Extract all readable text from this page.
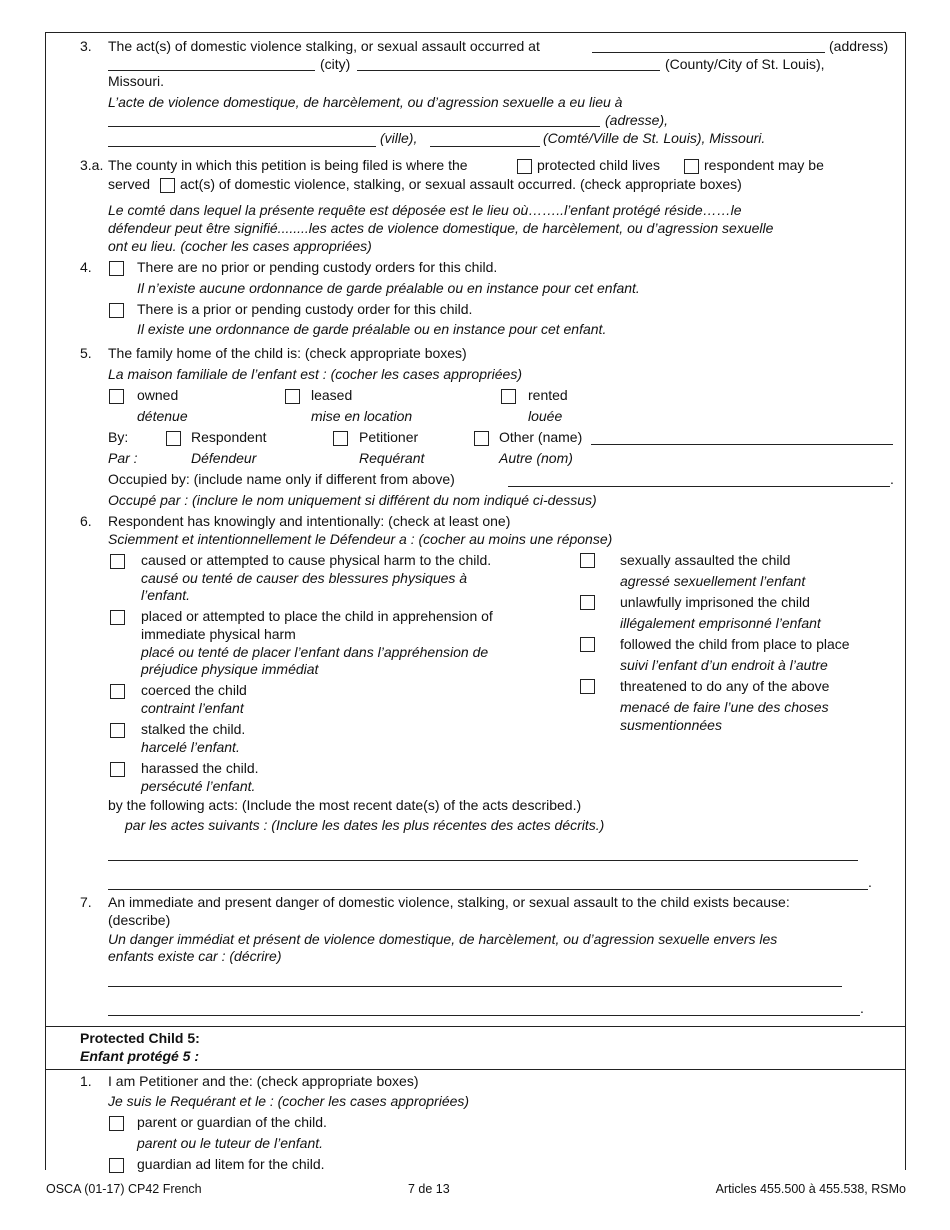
3. The act(s) of domestic violence stalking, or sexual assault occurred at	(address)
(city)	(County/City of St. Louis),
Missouri.
L’acte de violence domestique, de harcèlement, ou d’agression sexuelle a eu lieu à
(adresse),
(ville),	(Comté/Ville de St. Louis), Missouri.
3.a. The county in which this petition is being filed is where the	protected child lives	respondent may be
served act(s) of domestic violence, stalking, or sexual assault occurred. (check appropriate boxes)
Le comté dans lequel la présente requête est déposée est le lieu où……..l’enfant protégé réside……le
défendeur peut être signifié........les actes de violence domestique, de harcèlement, ou d’agression sexuelle
ont eu lieu. (cocher les cases appropriées)
4.	There are no prior or pending custody orders for this child.
Il n’existe aucune ordonnance de garde préalable ou en instance pour cet enfant.
There is a prior or pending custody order for this child.
Il existe une ordonnance de garde préalable ou en instance pour cet enfant.
5. The family home of the child is: (check appropriate boxes)
La maison familiale de l’enfant est : (cocher les cases appropriées)
owned	leased	rented
détenue	mise en location	louée
By:	Respondent	Petitioner	Other (name)
Par :	Défendeur	Requérant	Autre (nom)
Occupied by: (include name only if different from above)	.
Occupé par : (inclure le nom uniquement si différent du nom indiqué ci-dessus)
6. Respondent has knowingly and intentionally: (check at least one)
Sciemment et intentionnellement le Défendeur a : (cocher au moins une réponse)
caused or attempted to cause physical harm to the child.
causé ou tenté de causer des blessures physiques à
l’enfant.
placed or attempted to place the child in apprehension of
immediate physical harm
placé ou tenté de placer l’enfant dans l’appréhension de
préjudice physique immédiat
coerced the child
contraint l’enfant
stalked the child.
harcelé l’enfant.
harassed the child.
persécuté l’enfant.
sexually assaulted the child
agressé sexuellement l’enfant
unlawfully imprisoned the child
illégalement emprisonné l’enfant
followed the child from place to place
suivi l’enfant d’un endroit à l’autre
threatened to do any of the above
menacé de faire l’une des choses
susmentionnées
by the following acts: (Include the most recent date(s) of the acts described.)
par les actes suivants : (Inclure les dates les plus récentes des actes décrits.)
.
7. An immediate and present danger of domestic violence, stalking, or sexual assault to the child exists because:
(describe)
Un danger immédiat et présent de violence domestique, de harcèlement, ou d’agression sexuelle envers les
enfants existe car : (décrire)
.
Protected Child 5:
Enfant protégé 5 :
1. I am Petitioner and the: (check appropriate boxes)
Je suis le Requérant et le : (cocher les cases appropriées)
parent or guardian of the child.
parent ou le tuteur de l’enfant.
guardian ad litem for the child.
OSCA (01-17) CP42 French	7 de 13	Articles 455.500 à 455.538, RSMo
